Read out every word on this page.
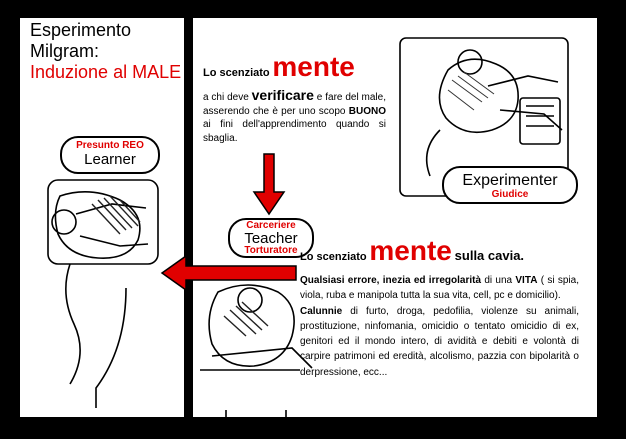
Esperimento
Milgram:
Induzione al MALE
Presunto REO
Learner
Carceriere
Teacher
Torturatore
Experimenter
Giudice
Lo scenziato mente
a chi deve verificare e fare del male, asserendo che è per uno scopo BUONO ai fini dell'apprendimento quando si sbaglia.
Lo scenziato mente sulla cavia.
Qualsiasi errore, inezia ed irregolarità di una VITA ( si spia, viola, ruba e manipola tutta la sua vita, cell, pc e domicilio).
Calunnie di furto, droga, pedofilia, violenze su animali, prostituzione, ninfomania, omicidio o tentato omicidio di ex, genitori ed il mondo intero, di avidità e debiti e volontà di carpire patrimoni ed eredità, alcolismo, pazzia con bipolarità o derpressione, ecc...
